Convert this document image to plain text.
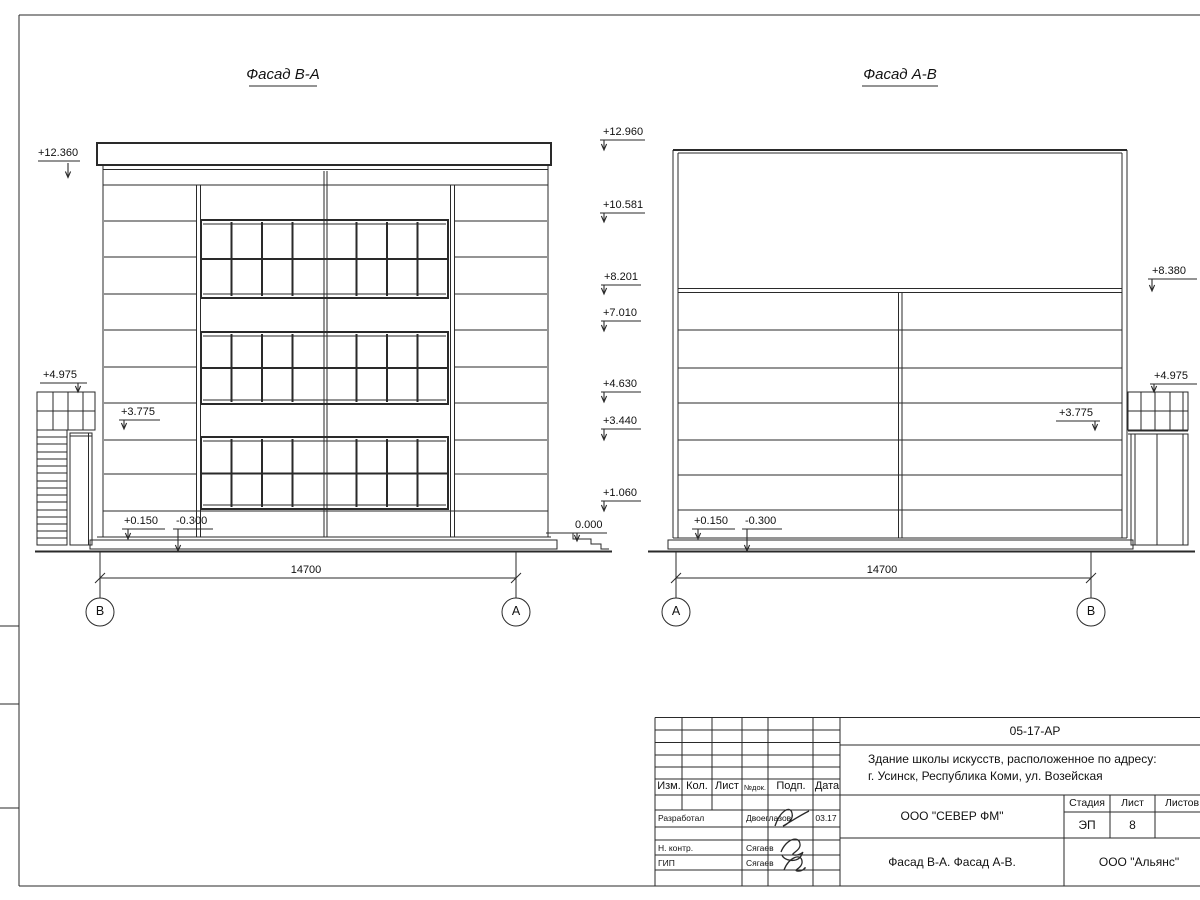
Фасад В-А	Фасад А-В
+12.360
+4.975
+3.775
+0.150 -0.300
+12.960
+10.581
+8.201
+7.010
+4.630
+3.440
+1.060
0.000
+8.380
+4.975
+3.775
+0.150 -0.300
14700	14700
В	А	А	В
Изм. Кол. Лист №док. Подп. Дата
Разработал	Двоеглазов	03.17
Н. контр.	Сягаев
ГИП	Сягаев
05-17-АР
Здание школы искусств, расположенное по адресу:
г. Усинск, Республика Коми, ул. Возейская
ООО "СЕВЕР ФМ"
Стадия	Лист	Листов
ЭП	8
Фасад В-А. Фасад А-В.	ООО "Альянс"
